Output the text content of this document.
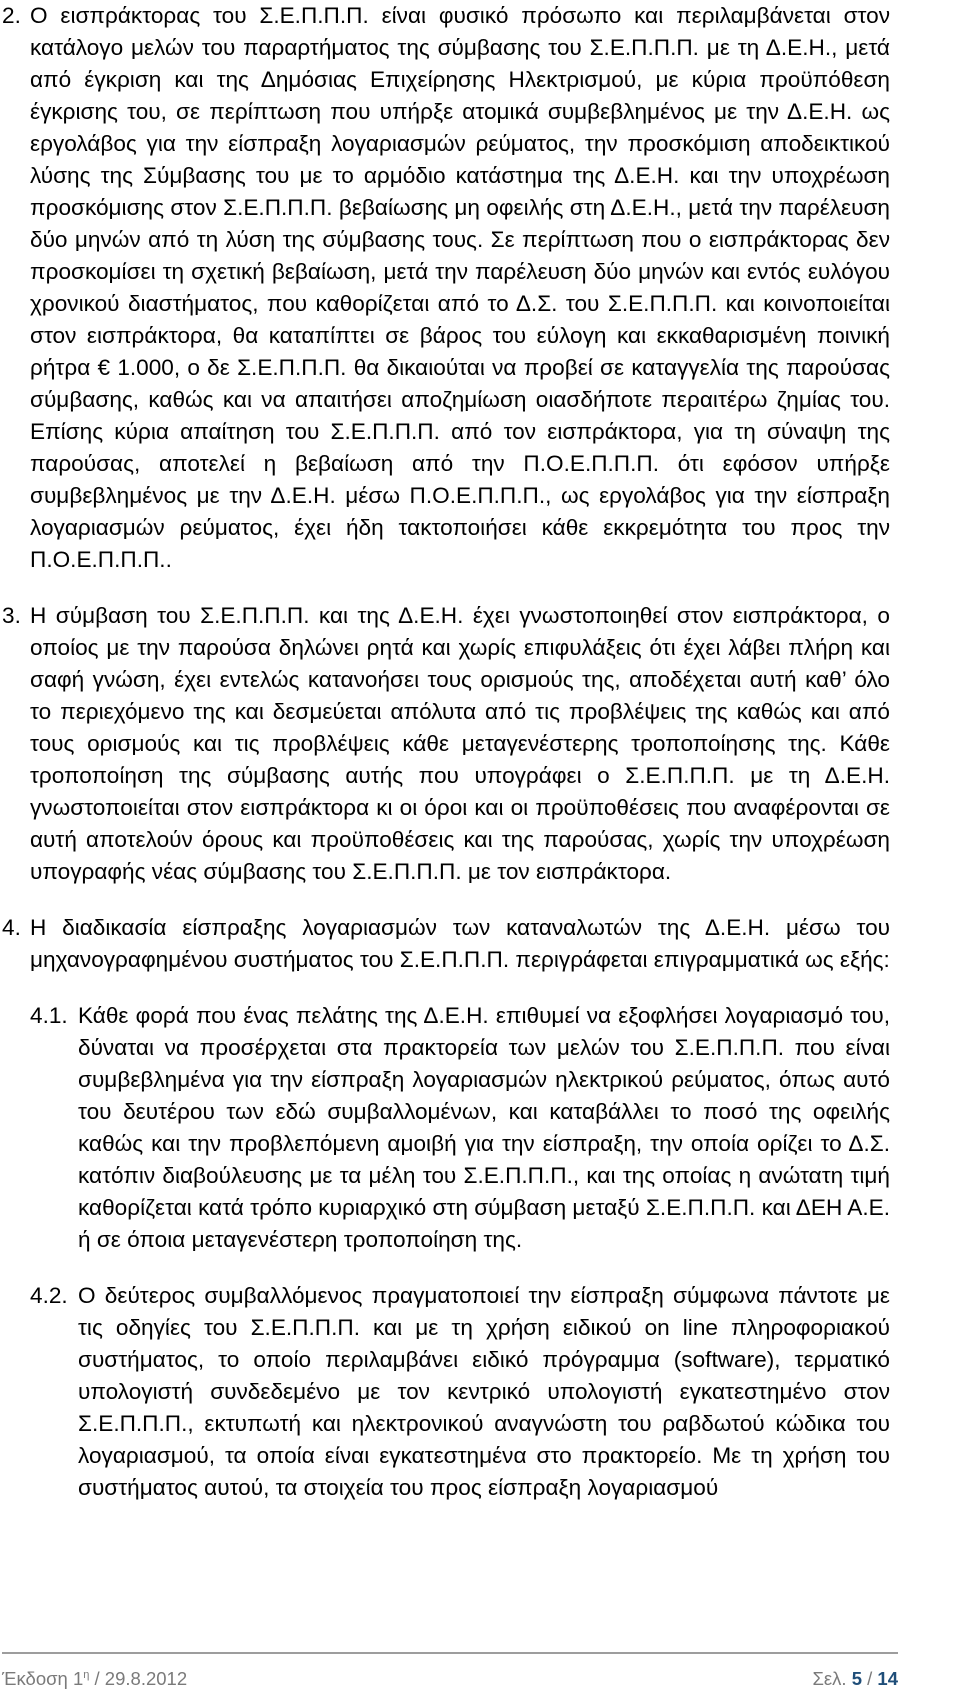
2. Ο εισπράκτορας του Σ.Ε.Π.Π.Π. είναι φυσικό πρόσωπο και περιλαμβάνεται στον κατάλογο μελών του παραρτήματος της σύμβασης του Σ.Ε.Π.Π.Π. με τη Δ.Ε.Η., μετά από έγκριση και της Δημόσιας Επιχείρησης Ηλεκτρισμού, με κύρια προϋπόθεση έγκρισης του, σε περίπτωση που υπήρξε ατομικά συμβεβλημένος με την Δ.Ε.Η. ως εργολάβος για την είσπραξη λογαριασμών ρεύματος, την προσκόμιση αποδεικτικού λύσης της Σύμβασης του με το αρμόδιο κατάστημα της Δ.Ε.Η. και την υποχρέωση προσκόμισης στον Σ.Ε.Π.Π.Π. βεβαίωσης μη οφειλής στη Δ.Ε.Η., μετά την παρέλευση δύο μηνών από τη λύση της σύμβασης τους. Σε περίπτωση που ο εισπράκτορας δεν προσκομίσει τη σχετική βεβαίωση, μετά την παρέλευση δύο μηνών και εντός ευλόγου χρονικού διαστήματος, που καθορίζεται από το Δ.Σ. του Σ.Ε.Π.Π.Π. και κοινοποιείται στον εισπράκτορα, θα καταπίπτει σε βάρος του εύλογη και εκκαθαρισμένη ποινική ρήτρα € 1.000, ο δε Σ.Ε.Π.Π.Π. θα δικαιούται να προβεί σε καταγγελία της παρούσας σύμβασης, καθώς και να απαιτήσει αποζημίωση οιασδήποτε περαιτέρω ζημίας του. Επίσης κύρια απαίτηση του Σ.Ε.Π.Π.Π. από τον εισπράκτορα, για τη σύναψη της παρούσας, αποτελεί η βεβαίωση από την Π.Ο.Ε.Π.Π.Π. ότι εφόσον υπήρξε συμβεβλημένος με την Δ.Ε.Η. μέσω Π.Ο.Ε.Π.Π.Π., ως εργολάβος για την είσπραξη λογαριασμών ρεύματος, έχει ήδη τακτοποιήσει κάθε εκκρεμότητα του προς την Π.Ο.Ε.Π.Π.Π..
3. Η σύμβαση του Σ.Ε.Π.Π.Π. και της Δ.Ε.Η. έχει γνωστοποιηθεί στον εισπράκτορα, ο οποίος με την παρούσα δηλώνει ρητά και χωρίς επιφυλάξεις ότι έχει λάβει πλήρη και σαφή γνώση, έχει εντελώς κατανοήσει τους ορισμούς της, αποδέχεται αυτή καθ’ όλο το περιεχόμενο της και δεσμεύεται απόλυτα από τις προβλέψεις της καθώς και από τους ορισμούς και τις προβλέψεις κάθε μεταγενέστερης τροποποίησης της. Κάθε τροποποίηση της σύμβασης αυτής που υπογράφει ο Σ.Ε.Π.Π.Π. με τη Δ.Ε.Η. γνωστοποιείται στον εισπράκτορα κι οι όροι και οι προϋποθέσεις που αναφέρονται σε αυτή αποτελούν όρους και προϋποθέσεις και της παρούσας, χωρίς την υποχρέωση υπογραφής νέας σύμβασης του Σ.Ε.Π.Π.Π. με τον εισπράκτορα.
4. Η διαδικασία είσπραξης λογαριασμών των καταναλωτών της Δ.Ε.Η. μέσω του μηχανογραφημένου συστήματος του Σ.Ε.Π.Π.Π. περιγράφεται επιγραμματικά ως εξής:
4.1. Κάθε φορά που ένας πελάτης της Δ.Ε.Η. επιθυμεί να εξοφλήσει λογαριασμό του, δύναται να προσέρχεται στα πρακτορεία των μελών του Σ.Ε.Π.Π.Π. που είναι συμβεβλημένα για την είσπραξη λογαριασμών ηλεκτρικού ρεύματος, όπως αυτό του δευτέρου των εδώ συμβαλλομένων, και καταβάλλει το ποσό της οφειλής καθώς και την προβλεπόμενη αμοιβή για την είσπραξη, την οποία ορίζει το Δ.Σ. κατόπιν διαβούλευσης με τα μέλη του Σ.Ε.Π.Π.Π., και της οποίας η ανώτατη τιμή καθορίζεται κατά τρόπο κυριαρχικό στη σύμβαση μεταξύ Σ.Ε.Π.Π.Π. και ΔΕΗ Α.Ε. ή σε όποια μεταγενέστερη τροποποίηση της.
4.2. Ο δεύτερος συμβαλλόμενος πραγματοποιεί την είσπραξη σύμφωνα πάντοτε με τις οδηγίες του Σ.Ε.Π.Π.Π. και με τη χρήση ειδικού on line πληροφοριακού συστήματος, το οποίο περιλαμβάνει ειδικό πρόγραμμα (software), τερματικό υπολογιστή συνδεδεμένο με τον κεντρικό υπολογιστή εγκατεστημένο στον Σ.Ε.Π.Π.Π., εκτυπωτή και ηλεκτρονικού αναγνώστη του ραβδωτού κώδικα του λογαριασμού, τα οποία είναι εγκατεστημένα στο πρακτορείο. Με τη χρήση του συστήματος αυτού, τα στοιχεία του προς είσπραξη λογαριασμού
Έκδοση $1^\eta / 29.8.2012$	Σελ. 5 / 14
